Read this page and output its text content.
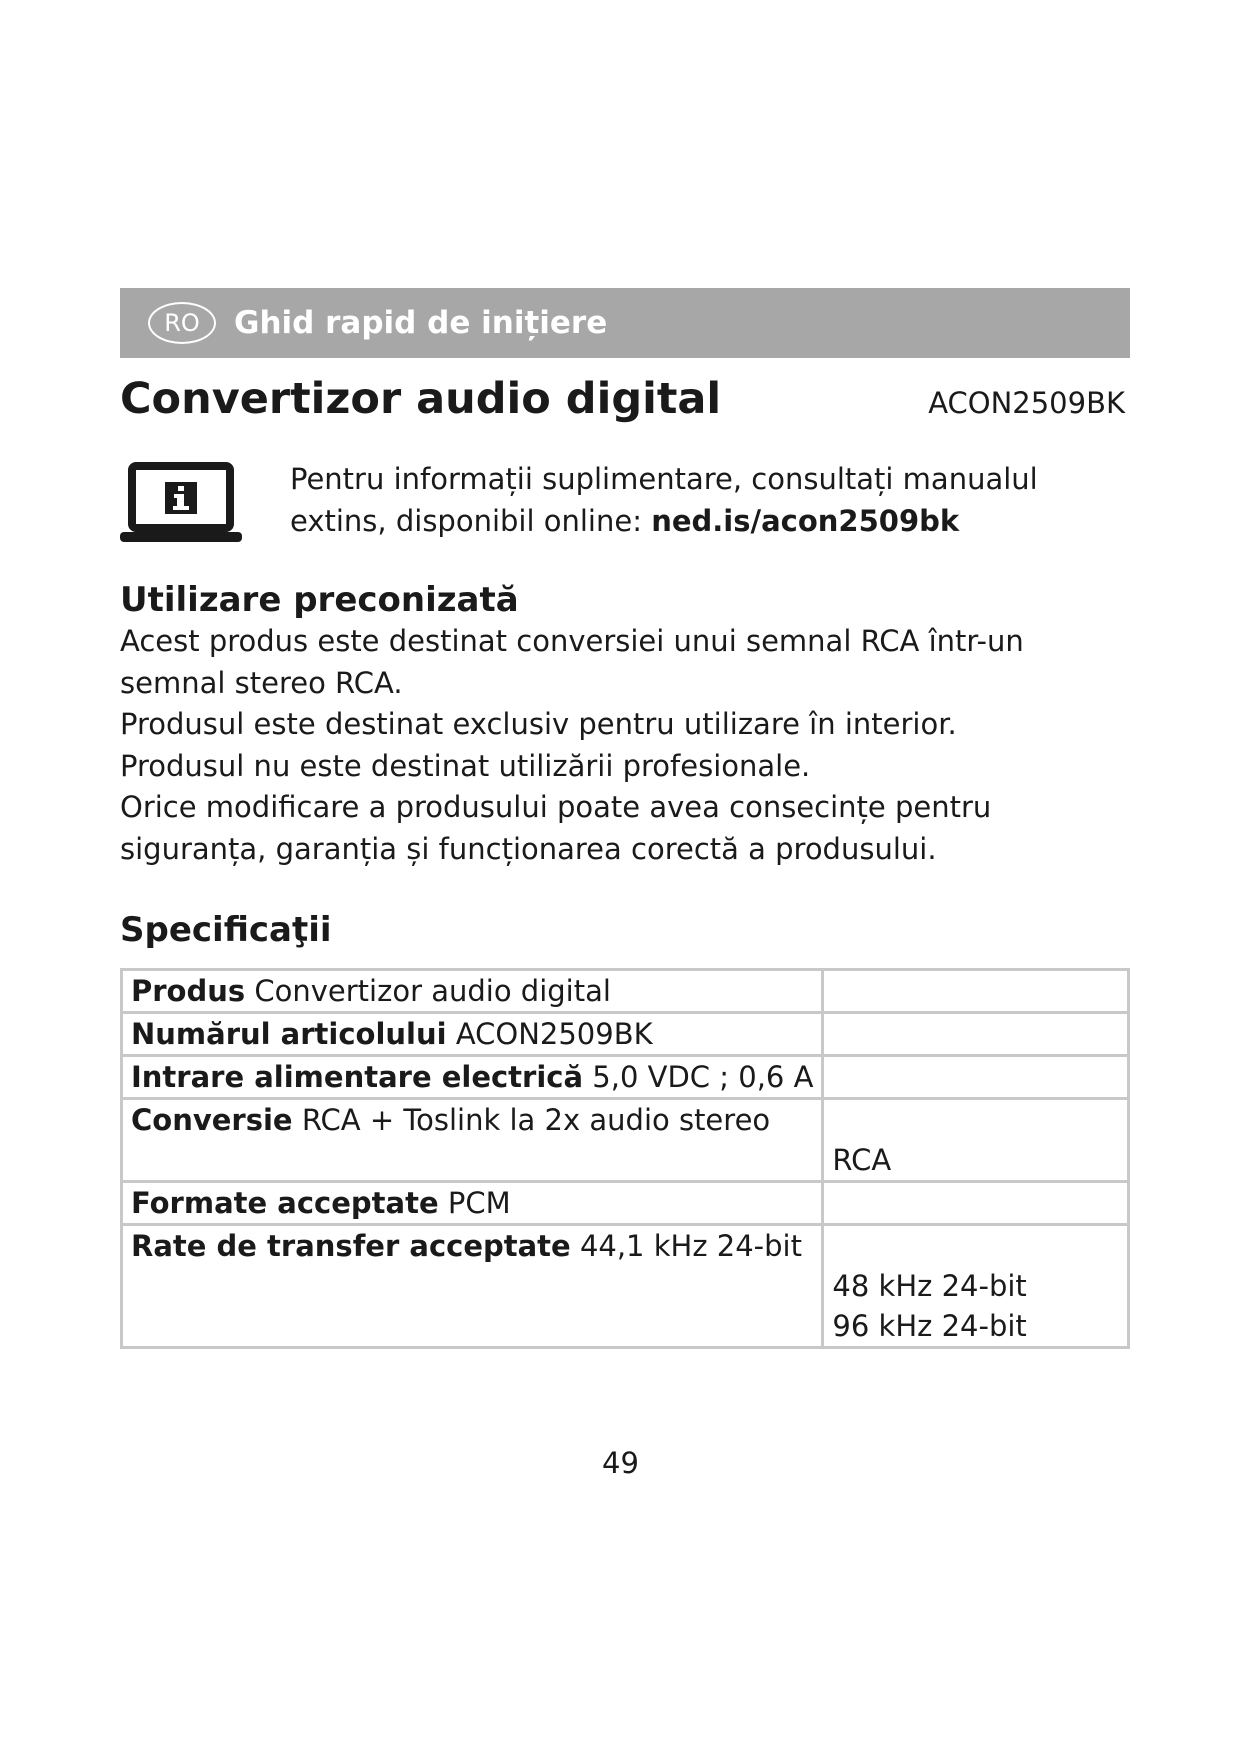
RO	Ghid rapid de inițiere
Convertizor audio digital	ACON2509BK
Pentru informații suplimentare, consultați manualul extins, disponibil online: ned.is/acon2509bk
Utilizare preconizată

Acest produs este destinat conversiei unui semnal RCA într-un semnal stereo RCA.

Produsul este destinat exclusiv pentru utilizare în interior.

Produsul nu este destinat utilizării profesionale.

Orice modificare a produsului poate avea consecințe pentru siguranța, garanția și funcționarea corectă a produsului.

Specificaţii
Produs Convertizor audio digital	
Numărul articolului ACON2509BK	
Intrare alimentare electrică 5,0 VDC ; 0,6 A	
Conversie RCA + Toslink la 2x audio stereo	RCA

Formate acceptate PCM	
Rate de transfer acceptate 44,1 kHz 24-bit	48 kHz 24-bit
96 kHz 24-bit
49
